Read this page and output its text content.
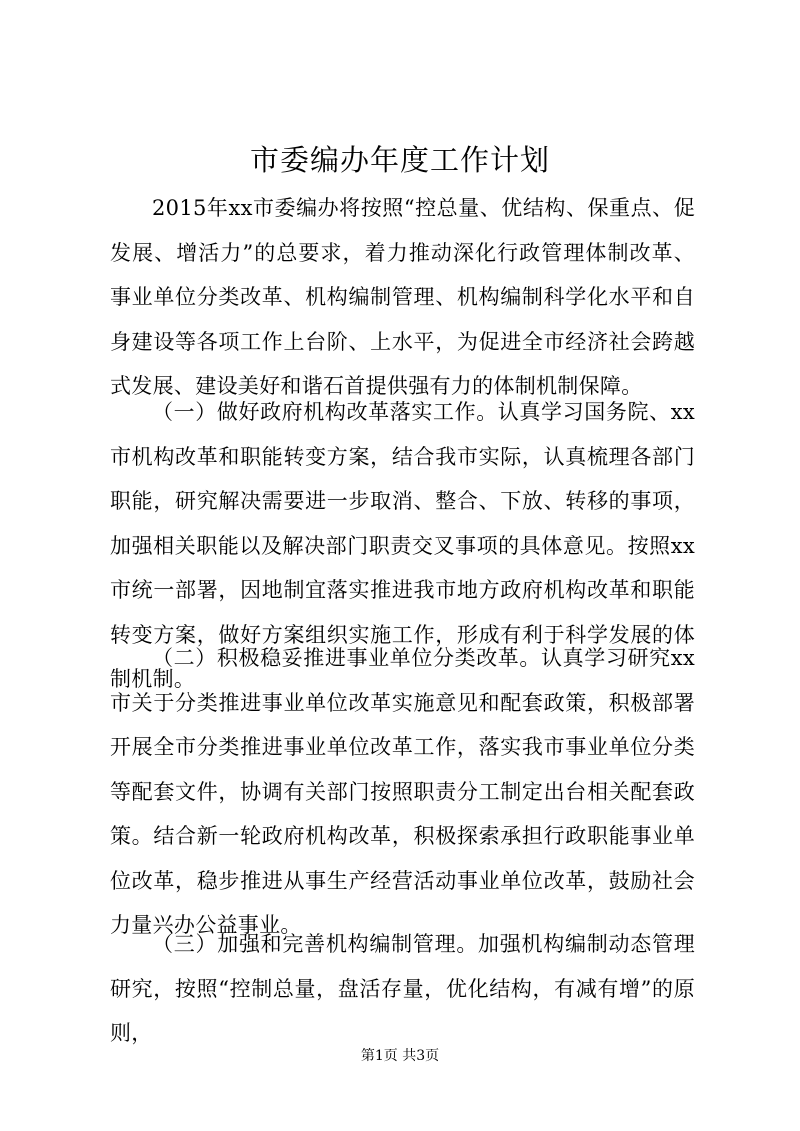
市委编办年度工作计划

2015年xx市委编办将按照“控总量、优结构、保重点、促发展、增活力”的总要求，着力推动深化行政管理体制改革、事业单位分类改革、机构编制管理、机构编制科学化水平和自身建设等各项工作上台阶、上水平，为促进全市经济社会跨越式发展、建设美好和谐石首提供强有力的体制机制保障。

（一）做好政府机构改革落实工作。认真学习国务院、xx市机构改革和职能转变方案，结合我市实际，认真梳理各部门职能，研究解决需要进一步取消、整合、下放、转移的事项，加强相关职能以及解决部门职责交叉事项的具体意见。按照xx市统一部署，因地制宜落实推进我市地方政府机构改革和职能转变方案，做好方案组织实施工作，形成有利于科学发展的体制机制。

（二）积极稳妥推进事业单位分类改革。认真学习研究xx市关于分类推进事业单位改革实施意见和配套政策，积极部署开展全市分类推进事业单位改革工作，落实我市事业单位分类等配套文件，协调有关部门按照职责分工制定出台相关配套政策。结合新一轮政府机构改革，积极探索承担行政职能事业单位改革，稳步推进从事生产经营活动事业单位改革，鼓励社会力量兴办公益事业。

（三）加强和完善机构编制管理。加强机构编制动态管理研究，按照“控制总量，盘活存量，优化结构，有减有增”的原则，

第1页 共3页
